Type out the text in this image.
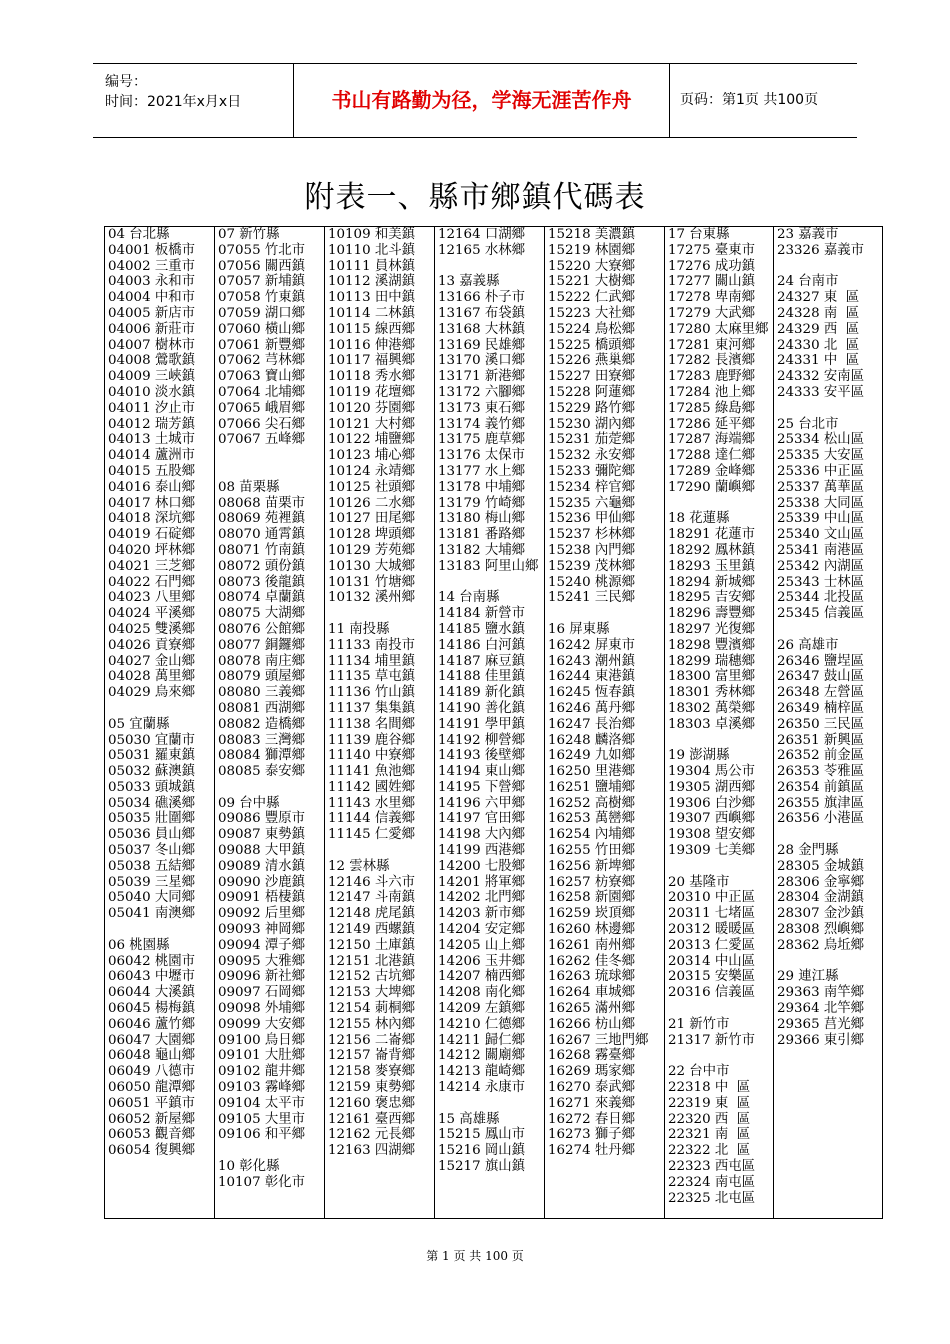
编号：
时间：2021年x月x日	书山有路勤为径，学海无涯苦作舟	页码：第1页 共100页
附表一、縣市鄉鎮代碼表
04 台北縣
04001 板橋市
04002 三重市
04003 永和市
04004 中和市
04005 新店市
04006 新莊市
04007 樹林市
04008 鶯歌鎮
04009 三峽鎮
04010 淡水鎮
04011 汐止市
04012 瑞芳鎮
04013 土城市
04014 蘆洲市
04015 五股鄉
04016 泰山鄉
04017 林口鄉
04018 深坑鄉
04019 石碇鄉
04020 坪林鄉
04021 三芝鄉
04022 石門鄉
04023 八里鄉
04024 平溪鄉
04025 雙溪鄉
04026 貢寮鄉
04027 金山鄉
04028 萬里鄉
04029 烏來鄉
05 宜蘭縣
05030 宜蘭市
05031 羅東鎮
05032 蘇澳鎮
05033 頭城鎮
05034 礁溪鄉
05035 壯圍鄉
05036 員山鄉
05037 冬山鄉
05038 五結鄉
05039 三星鄉
05040 大同鄉
05041 南澳鄉
06 桃園縣
06042 桃園市
06043 中壢市
06044 大溪鎮
06045 楊梅鎮
06046 蘆竹鄉
06047 大園鄉
06048 龜山鄉
06049 八德市
06050 龍潭鄉
06051 平鎮市
06052 新屋鄉
06053 觀音鄉
06054 復興鄉

07 新竹縣
07055 竹北市
07056 關西鎮
07057 新埔鎮
07058 竹東鎮
07059 湖口鄉
07060 橫山鄉
07061 新豐鄉
07062 芎林鄉
07063 寶山鄉
07064 北埔鄉
07065 峨眉鄉
07066 尖石鄉
07067 五峰鄉
08 苗栗縣
08068 苗栗市
08069 苑裡鎮
08070 通霄鎮
08071 竹南鎮
08072 頭份鎮
08073 後龍鎮
08074 卓蘭鎮
08075 大湖鄉
08076 公館鄉
08077 銅鑼鄉
08078 南庄鄉
08079 頭屋鄉
08080 三義鄉
08081 西湖鄉
08082 造橋鄉
08083 三灣鄉
08084 獅潭鄉
08085 泰安鄉
09 台中縣
09086 豐原市
09087 東勢鎮
09088 大甲鎮
09089 清水鎮
09090 沙鹿鎮
09091 梧棲鎮
09092 后里鄉
09093 神岡鄉
09094 潭子鄉
09095 大雅鄉
09096 新社鄉
09097 石岡鄉
09098 外埔鄉
09099 大安鄉
09100 烏日鄉
09101 大肚鄉
09102 龍井鄉
09103 霧峰鄉
09104 太平市
09105 大里市
09106 和平鄉
10 彰化縣
10107 彰化市

10109 和美鎮
10110 北斗鎮
10111 員林鎮
10112 溪湖鎮
10113 田中鎮
10114 二林鎮
10115 線西鄉
10116 伸港鄉
10117 福興鄉
10118 秀水鄉
10119 花壇鄉
10120 芬園鄉
10121 大村鄉
10122 埔鹽鄉
10123 埔心鄉
10124 永靖鄉
10125 社頭鄉
10126 二水鄉
10127 田尾鄉
10128 埤頭鄉
10129 芳苑鄉
10130 大城鄉
10131 竹塘鄉
10132 溪州鄉
11 南投縣
11133 南投市
11134 埔里鎮
11135 草屯鎮
11136 竹山鎮
11137 集集鎮
11138 名間鄉
11139 鹿谷鄉
11140 中寮鄉
11141 魚池鄉
11142 國姓鄉
11143 水里鄉
11144 信義鄉
11145 仁愛鄉
12 雲林縣
12146 斗六市
12147 斗南鎮
12148 虎尾鎮
12149 西螺鎮
12150 土庫鎮
12151 北港鎮
12152 古坑鄉
12153 大埤鄉
12154 莿桐鄉
12155 林內鄉
12156 二崙鄉
12157 崙背鄉
12158 麥寮鄉
12159 東勢鄉
12160 褒忠鄉
12161 臺西鄉
12162 元長鄉
12163 四湖鄉

12164 口湖鄉
12165 水林鄉
13 嘉義縣
13166 朴子市
13167 布袋鎮
13168 大林鎮
13169 民雄鄉
13170 溪口鄉
13171 新港鄉
13172 六腳鄉
13173 東石鄉
13174 義竹鄉
13175 鹿草鄉
13176 太保市
13177 水上鄉
13178 中埔鄉
13179 竹崎鄉
13180 梅山鄉
13181 番路鄉
13182 大埔鄉
13183 阿里山鄉
14 台南縣
14184 新營市
14185 鹽水鎮
14186 白河鎮
14187 麻豆鎮
14188 佳里鎮
14189 新化鎮
14190 善化鎮
14191 學甲鎮
14192 柳營鄉
14193 後壁鄉
14194 東山鄉
14195 下營鄉
14196 六甲鄉
14197 官田鄉
14198 大內鄉
14199 西港鄉
14200 七股鄉
14201 將軍鄉
14202 北門鄉
14203 新市鄉
14204 安定鄉
14205 山上鄉
14206 玉井鄉
14207 楠西鄉
14208 南化鄉
14209 左鎮鄉
14210 仁德鄉
14211 歸仁鄉
14212 關廟鄉
14213 龍崎鄉
14214 永康市
15 高雄縣
15215 鳳山市
15216 岡山鎮
15217 旗山鎮

15218 美濃鎮
15219 林園鄉
15220 大寮鄉
15221 大樹鄉
15222 仁武鄉
15223 大社鄉
15224 鳥松鄉
15225 橋頭鄉
15226 燕巢鄉
15227 田寮鄉
15228 阿蓮鄉
15229 路竹鄉
15230 湖內鄉
15231 茄萣鄉
15232 永安鄉
15233 彌陀鄉
15234 梓官鄉
15235 六龜鄉
15236 甲仙鄉
15237 杉林鄉
15238 內門鄉
15239 茂林鄉
15240 桃源鄉
15241 三民鄉
16 屏東縣
16242 屏東市
16243 潮州鎮
16244 東港鎮
16245 恆春鎮
16246 萬丹鄉
16247 長治鄉
16248 麟洛鄉
16249 九如鄉
16250 里港鄉
16251 鹽埔鄉
16252 高樹鄉
16253 萬巒鄉
16254 內埔鄉
16255 竹田鄉
16256 新埤鄉
16257 枋寮鄉
16258 新園鄉
16259 崁頂鄉
16260 林邊鄉
16261 南州鄉
16262 佳冬鄉
16263 琉球鄉
16264 車城鄉
16265 滿州鄉
16266 枋山鄉
16267 三地門鄉
16268 霧臺鄉
16269 瑪家鄉
16270 泰武鄉
16271 來義鄉
16272 春日鄉
16273 獅子鄉
16274 牡丹鄉

17 台東縣
17275 臺東市
17276 成功鎮
17277 關山鎮
17278 卑南鄉
17279 大武鄉
17280 太麻里鄉
17281 東河鄉
17282 長濱鄉
17283 鹿野鄉
17284 池上鄉
17285 綠島鄉
17286 延平鄉
17287 海端鄉
17288 達仁鄉
17289 金峰鄉
17290 蘭嶼鄉
18 花蓮縣
18291 花蓮市
18292 鳳林鎮
18293 玉里鎮
18294 新城鄉
18295 吉安鄉
18296 壽豐鄉
18297 光復鄉
18298 豐濱鄉
18299 瑞穗鄉
18300 富里鄉
18301 秀林鄉
18302 萬榮鄉
18303 卓溪鄉
19 澎湖縣
19304 馬公市
19305 湖西鄉
19306 白沙鄉
19307 西嶼鄉
19308 望安鄉
19309 七美鄉
20 基隆市
20310 中正區
20311 七堵區
20312 暖暖區
20313 仁愛區
20314 中山區
20315 安樂區
20316 信義區
21 新竹市
21317 新竹市
22 台中市
22318 中  區
22319 東  區
22320 西  區
22321 南  區
22322 北  區
22323 西屯區
22324 南屯區
22325 北屯區

23 嘉義市
23326 嘉義市
24 台南市
24327 東  區
24328 南  區
24329 西  區
24330 北  區
24331 中  區
24332 安南區
24333 安平區
25 台北市
25334 松山區
25335 大安區
25336 中正區
25337 萬華區
25338 大同區
25339 中山區
25340 文山區
25341 南港區
25342 內湖區
25343 士林區
25344 北投區
25345 信義區
26 高雄市
26346 鹽埕區
26347 鼓山區
26348 左營區
26349 楠梓區
26350 三民區
26351 新興區
26352 前金區
26353 苓雅區
26354 前鎮區
26355 旗津區
26356 小港區
28 金門縣
28305 金城鎮
28306 金寧鄉
28304 金湖鎮
28307 金沙鎮
28308 烈嶼鄉
28362 烏坵鄉
29 連江縣
29363 南竿鄉
29364 北竿鄉
29365 莒光鄉
29366 東引鄉
第 1 页 共 100 页
